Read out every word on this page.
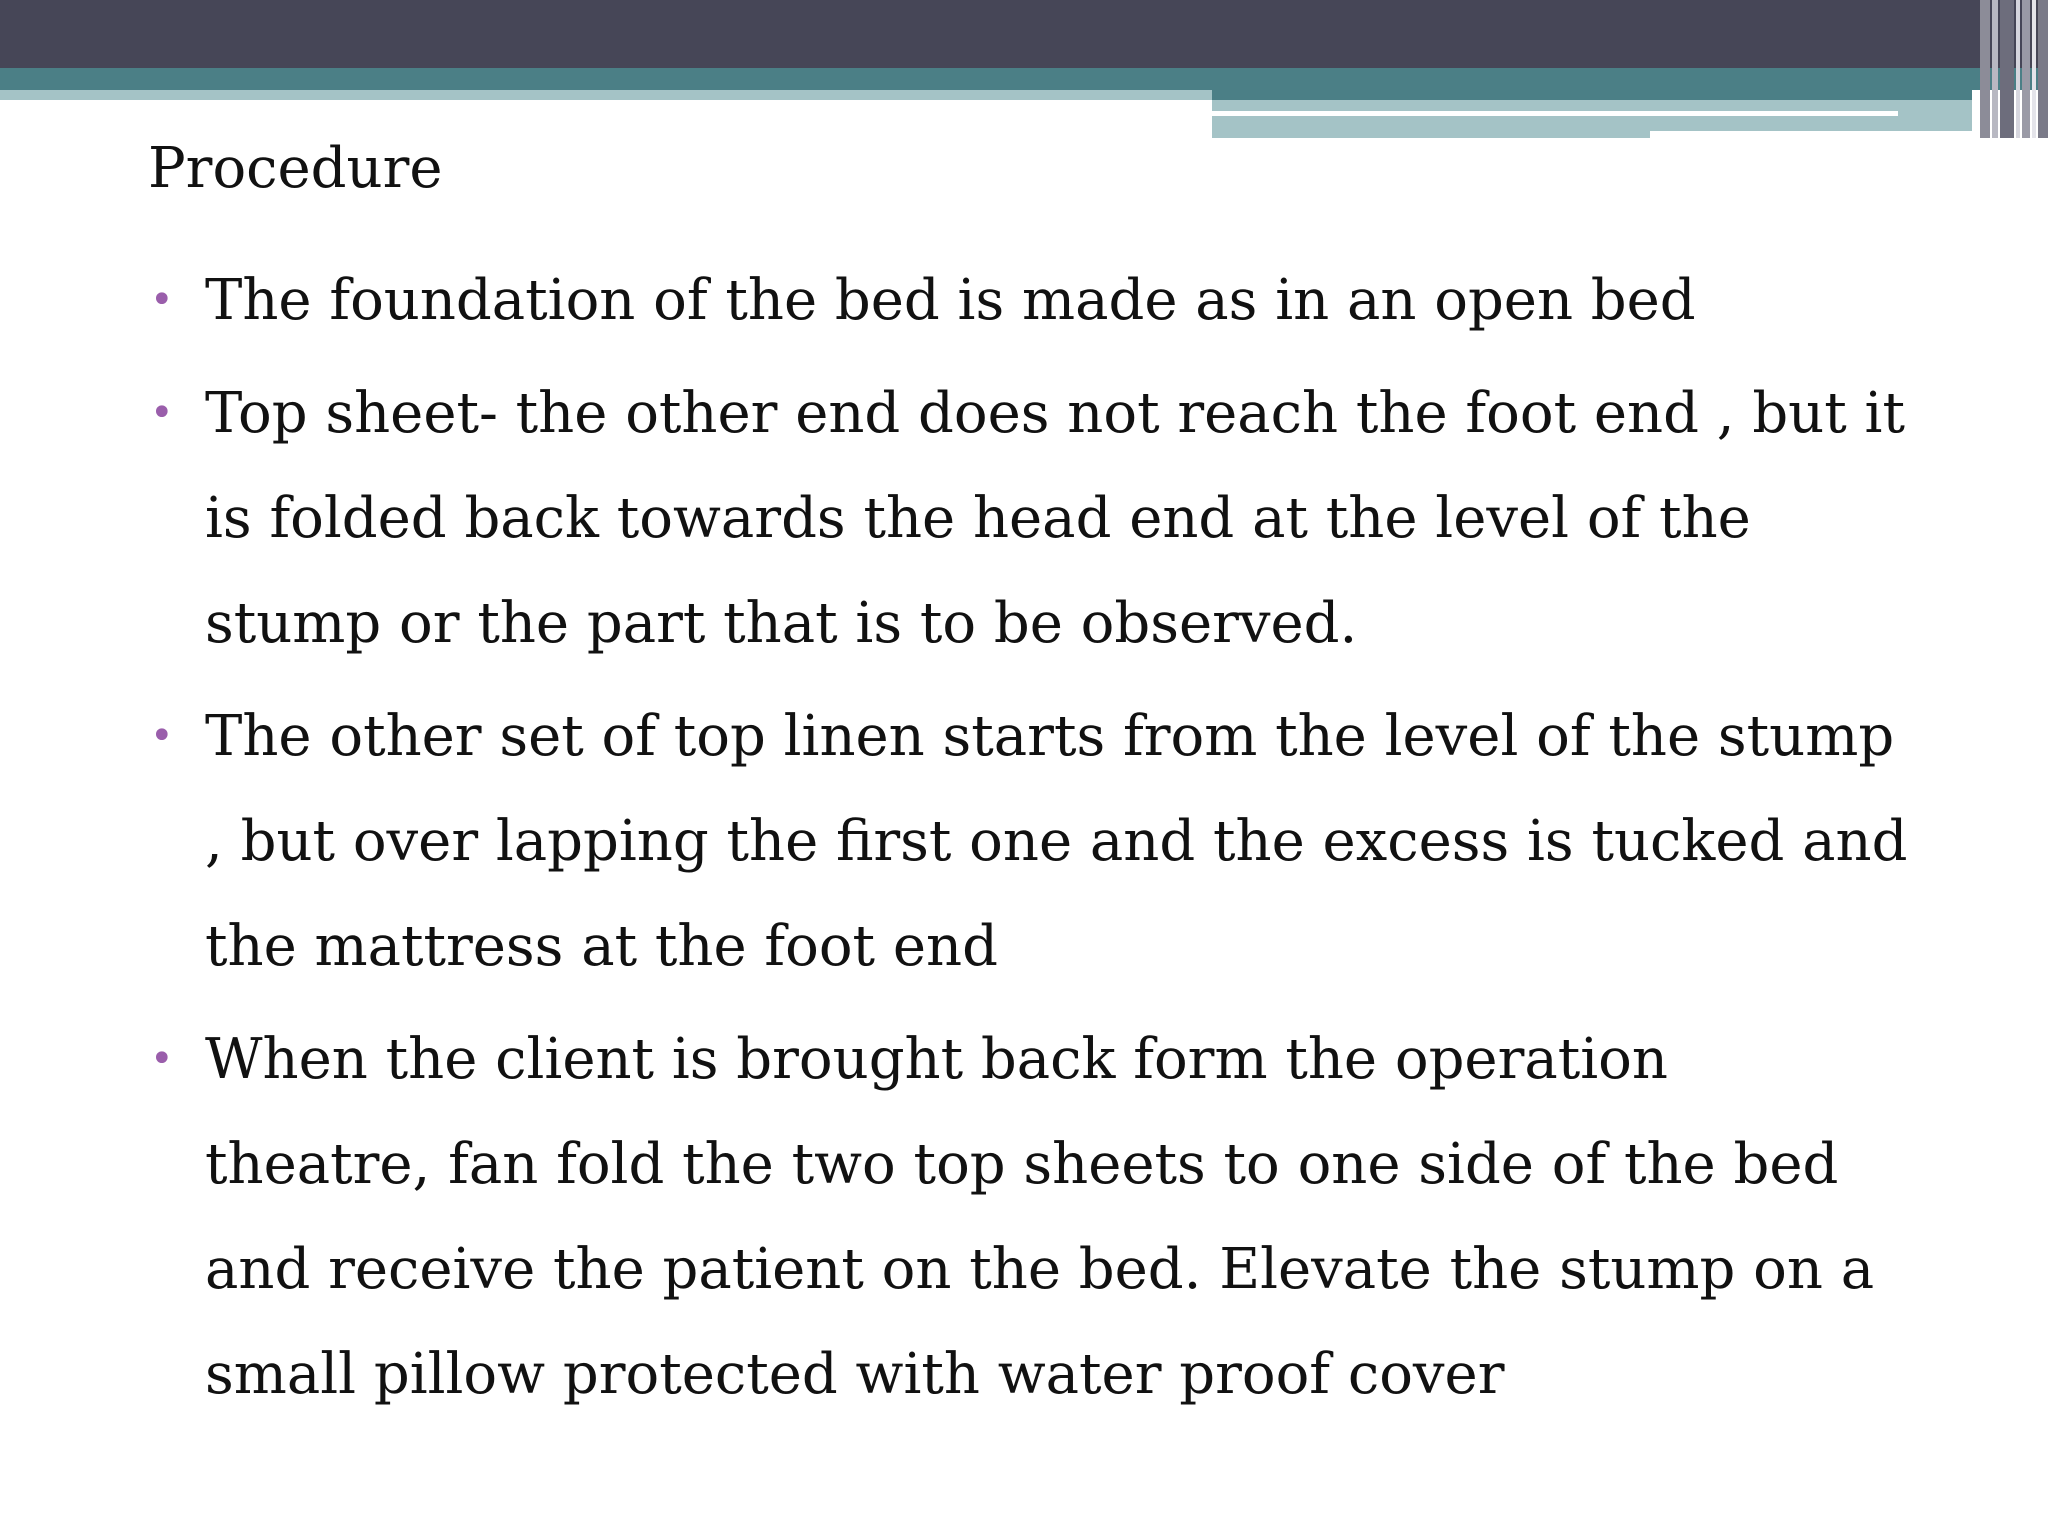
Procedure
• The foundation of the bed is made as in an open bed
• Top sheet- the other end does not reach the foot end , but it is folded back towards the head end at the level of the stump or the part that is to be observed.
• The other set of top linen starts from the level of the stump , but over lapping the first one and the excess is tucked and the mattress at the foot end
• When the client is brought back form the operation theatre, fan fold the two top sheets to one side of the bed and receive the patient on the bed. Elevate the stump on a small pillow protected with water proof cover
